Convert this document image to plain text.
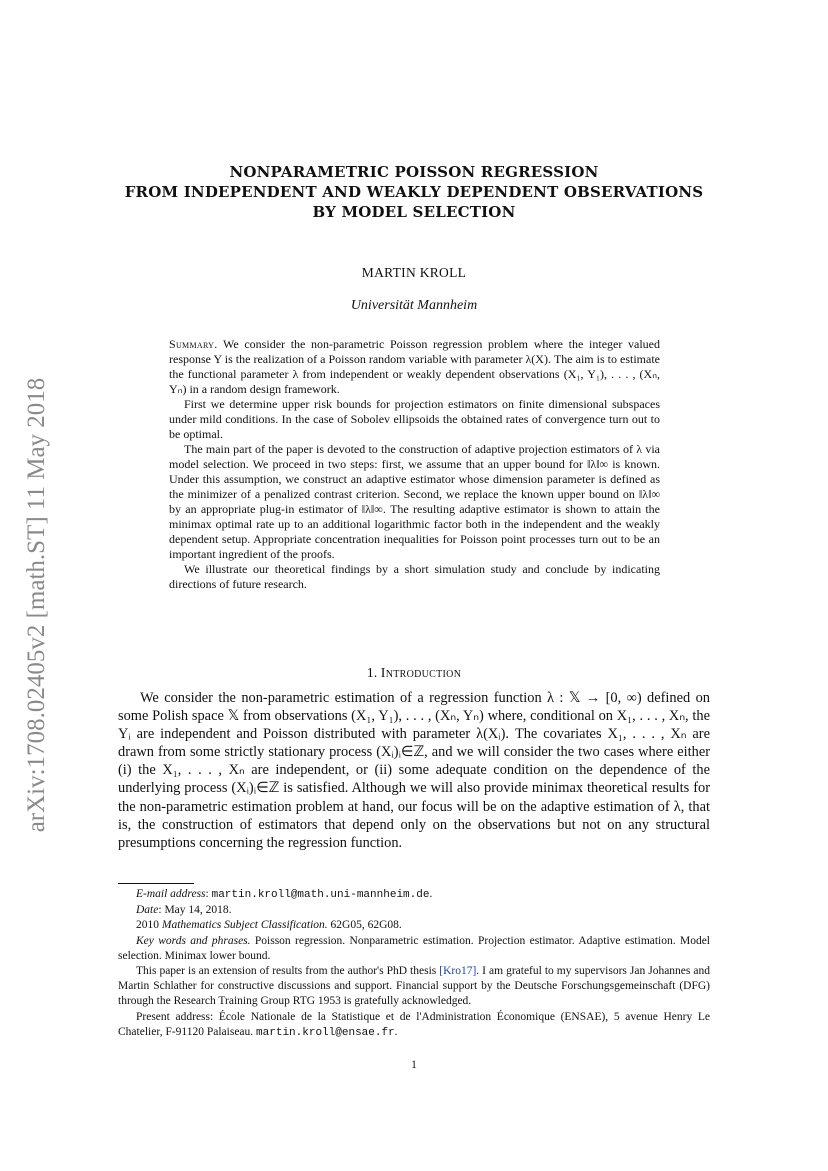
arXiv:1708.02405v2 [math.ST] 11 May 2018
NONPARAMETRIC POISSON REGRESSION
FROM INDEPENDENT AND WEAKLY DEPENDENT OBSERVATIONS
BY MODEL SELECTION
MARTIN KROLL
Universität Mannheim

Summary. We consider the non-parametric Poisson regression problem where the integer valued response Y is the realization of a Poisson random variable with parameter λ(X). The aim is to estimate the functional parameter λ from independent or weakly dependent observations (X₁, Y₁), . . . , (Xₙ, Yₙ) in a random design framework.

First we determine upper risk bounds for projection estimators on finite dimensional subspaces under mild conditions. In the case of Sobolev ellipsoids the obtained rates of convergence turn out to be optimal.

The main part of the paper is devoted to the construction of adaptive projection estimators of λ via model selection. We proceed in two steps: first, we assume that an upper bound for ‖λ‖∞ is known. Under this assumption, we construct an adaptive estimator whose dimension parameter is defined as the minimizer of a penalized contrast criterion. Second, we replace the known upper bound on ‖λ‖∞ by an appropriate plug-in estimator of ‖λ‖∞. The resulting adaptive estimator is shown to attain the minimax optimal rate up to an additional logarithmic factor both in the independent and the weakly dependent setup. Appropriate concentration inequalities for Poisson point processes turn out to be an important ingredient of the proofs.

We illustrate our theoretical findings by a short simulation study and conclude by indicating directions of future research.

1. Introduction

We consider the non-parametric estimation of a regression function λ : 𝕏 → [0, ∞) defined on some Polish space 𝕏 from observations (X₁, Y₁), . . . , (Xₙ, Yₙ) where, conditional on X₁, . . . , Xₙ, the Yᵢ are independent and Poisson distributed with parameter λ(Xᵢ). The covariates X₁, . . . , Xₙ are drawn from some strictly stationary process (Xᵢ)ᵢ∈ℤ, and we will consider the two cases where either (i) the X₁, . . . , Xₙ are independent, or (ii) some adequate condition on the dependence of the underlying process (Xᵢ)ᵢ∈ℤ is satisfied. Although we will also provide minimax theoretical results for the non-parametric estimation problem at hand, our focus will be on the adaptive estimation of λ, that is, the construction of estimators that depend only on the observations but not on any structural presumptions concerning the regression function.

E-mail address: martin.kroll@math.uni-mannheim.de.

Date: May 14, 2018.

2010 Mathematics Subject Classification. 62G05, 62G08.

Key words and phrases. Poisson regression. Nonparametric estimation. Projection estimator. Adaptive estimation. Model selection. Minimax lower bound.

This paper is an extension of results from the author's PhD thesis [Kro17]. I am grateful to my supervisors Jan Johannes and Martin Schlather for constructive discussions and support. Financial support by the Deutsche Forschungsgemeinschaft (DFG) through the Research Training Group RTG 1953 is gratefully acknowledged.

Present address: École Nationale de la Statistique et de l'Administration Économique (ENSAE), 5 avenue Henry Le Chatelier, F-91120 Palaiseau. martin.kroll@ensae.fr.

1
